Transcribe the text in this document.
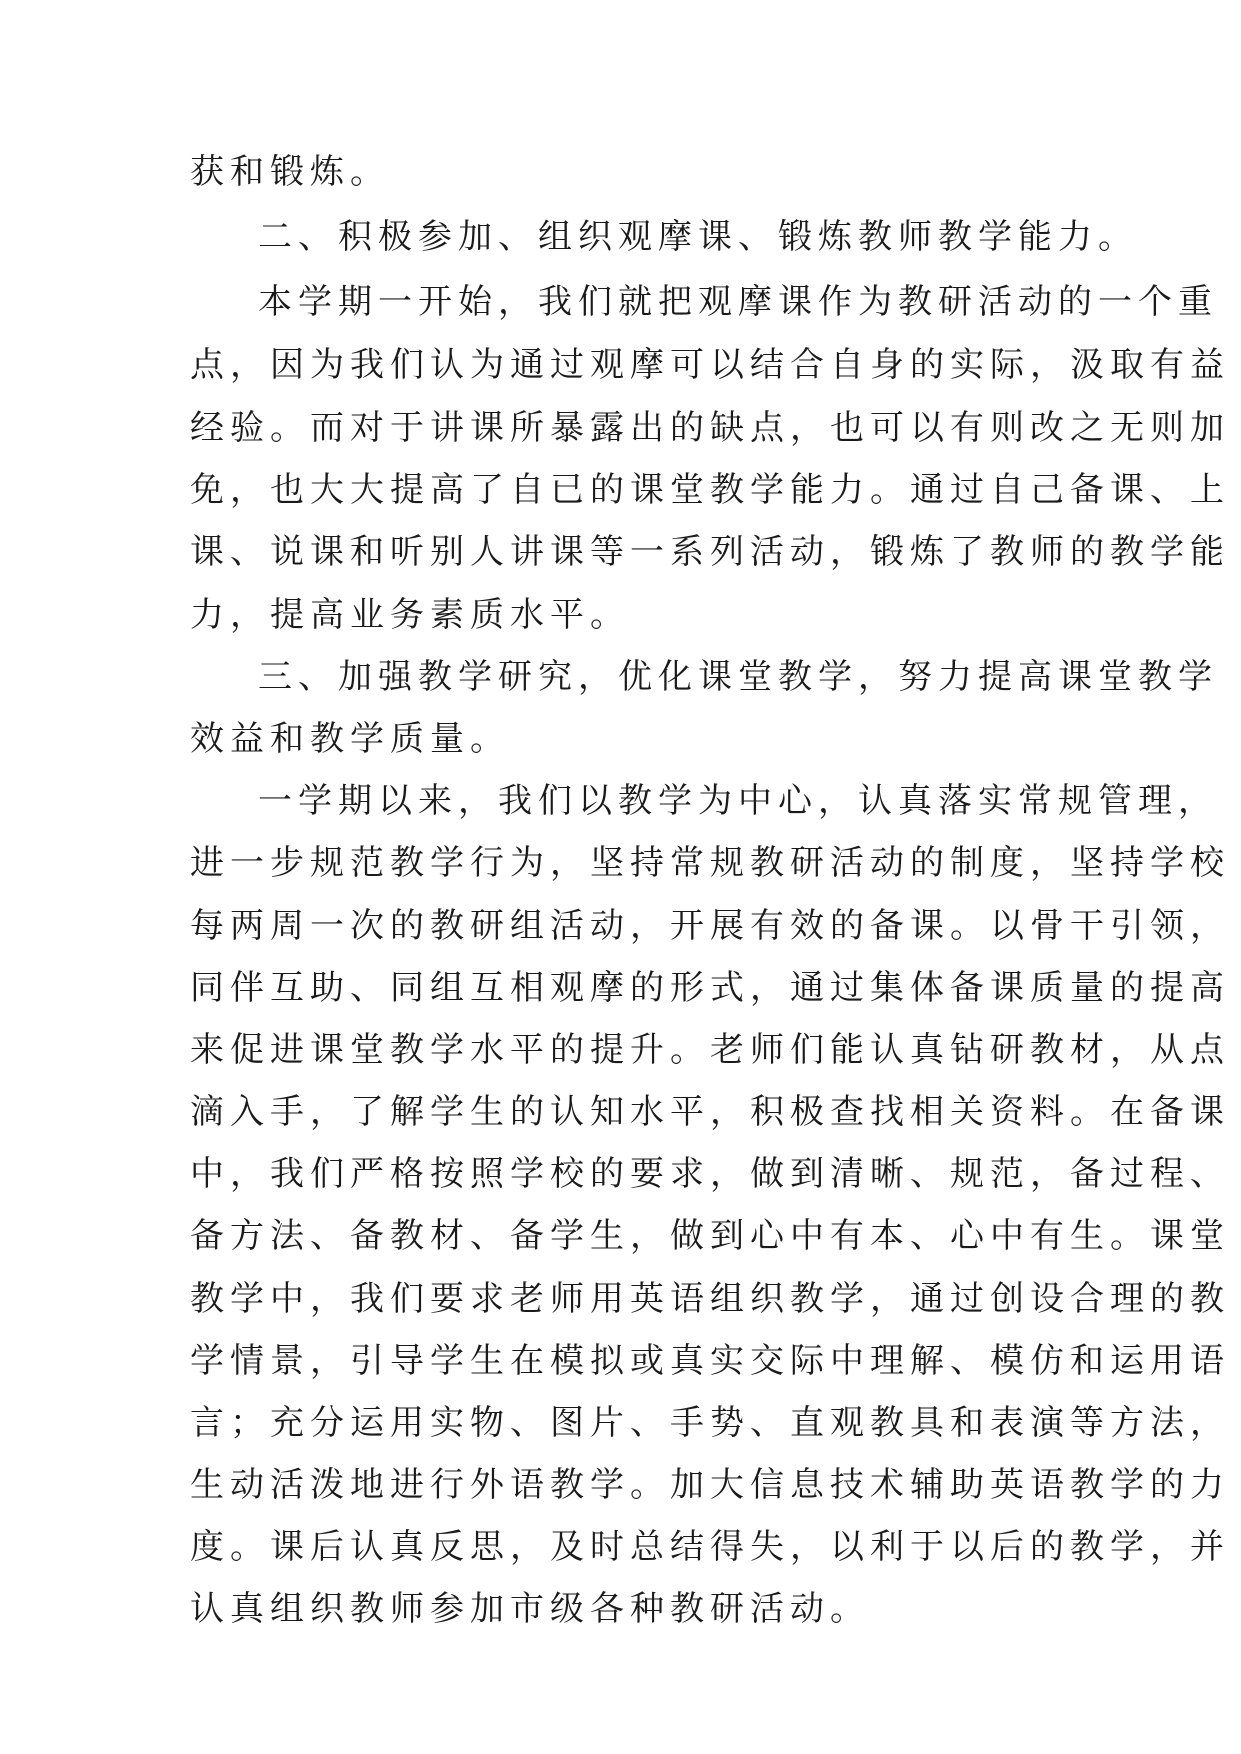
获和锻炼。
二、积极参加、组织观摩课、锻炼教师教学能力。
本学期一开始，我们就把观摩课作为教研活动的一个重
点，因为我们认为通过观摩可以结合自身的实际，汲取有益
经验。而对于讲课所暴露出的缺点，也可以有则改之无则加
免，也大大提高了自已的课堂教学能力。通过自己备课、上
课、说课和听别人讲课等一系列活动，锻炼了教师的教学能
力，提高业务素质水平。
三、加强教学研究，优化课堂教学，努力提高课堂教学
效益和教学质量。
一学期以来，我们以教学为中心，认真落实常规管理，
进一步规范教学行为，坚持常规教研活动的制度，坚持学校
每两周一次的教研组活动，开展有效的备课。以骨干引领，
同伴互助、同组互相观摩的形式，通过集体备课质量的提高
来促进课堂教学水平的提升。老师们能认真钻研教材，从点
滴入手，了解学生的认知水平，积极查找相关资料。在备课
中，我们严格按照学校的要求，做到清晰、规范，备过程、
备方法、备教材、备学生，做到心中有本、心中有生。课堂
教学中，我们要求老师用英语组织教学，通过创设合理的教
学情景，引导学生在模拟或真实交际中理解、模仿和运用语
言；充分运用实物、图片、手势、直观教具和表演等方法，
生动活泼地进行外语教学。加大信息技术辅助英语教学的力
度。课后认真反思，及时总结得失，以利于以后的教学，并
认真组织教师参加市级各种教研活动。
